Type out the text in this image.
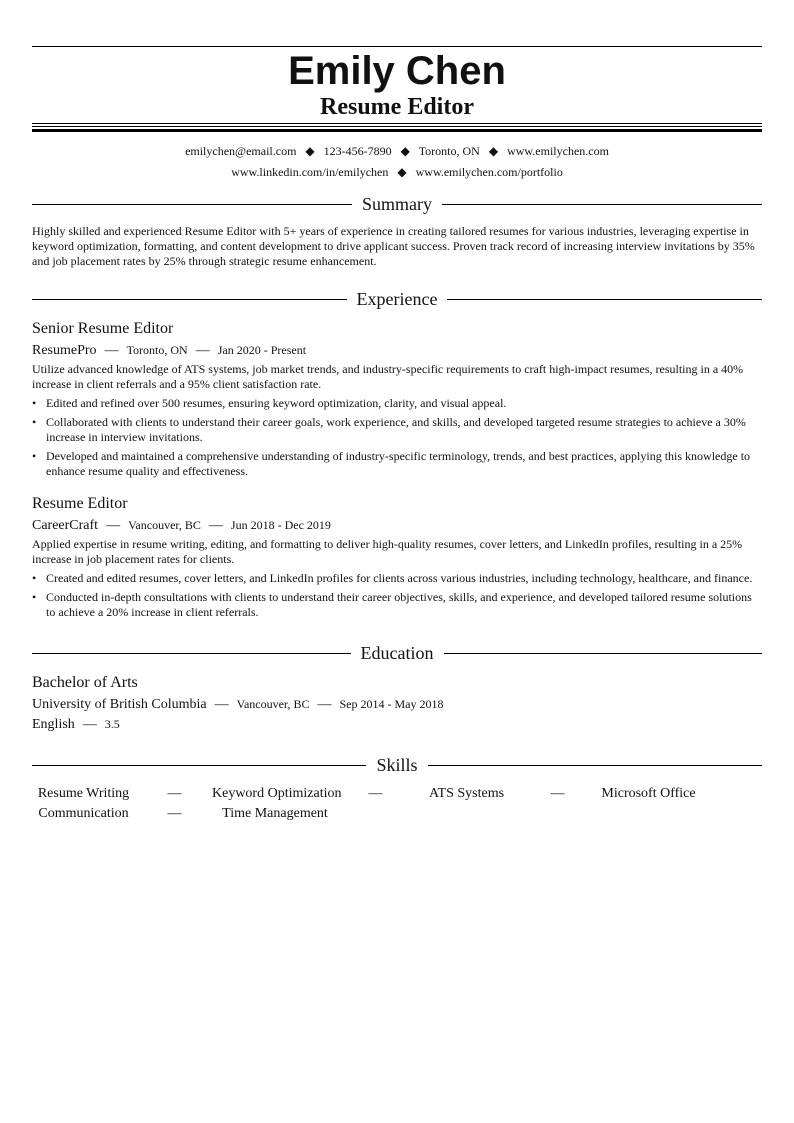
Emily Chen
Resume Editor
emilychen@email.com ◆ 123-456-7890 ◆ Toronto, ON ◆ www.emilychen.com
www.linkedin.com/in/emilychen ◆ www.emilychen.com/portfolio
Summary
Highly skilled and experienced Resume Editor with 5+ years of experience in creating tailored resumes for various industries, leveraging expertise in keyword optimization, formatting, and content development to drive applicant success. Proven track record of increasing interview invitations by 35% and job placement rates by 25% through strategic resume enhancement.
Experience
Senior Resume Editor
ResumePro — Toronto, ON — Jan 2020 - Present
Utilize advanced knowledge of ATS systems, job market trends, and industry-specific requirements to craft high-impact resumes, resulting in a 40% increase in client referrals and a 95% client satisfaction rate.
• Edited and refined over 500 resumes, ensuring keyword optimization, clarity, and visual appeal.
• Collaborated with clients to understand their career goals, work experience, and skills, and developed targeted resume strategies to achieve a 30% increase in interview invitations.
• Developed and maintained a comprehensive understanding of industry-specific terminology, trends, and best practices, applying this knowledge to enhance resume quality and effectiveness.
Resume Editor
CareerCraft — Vancouver, BC — Jun 2018 - Dec 2019
Applied expertise in resume writing, editing, and formatting to deliver high-quality resumes, cover letters, and LinkedIn profiles, resulting in a 25% increase in job placement rates for clients.
• Created and edited resumes, cover letters, and LinkedIn profiles for clients across various industries, including technology, healthcare, and finance.
• Conducted in-depth consultations with clients to understand their career objectives, skills, and experience, and developed tailored resume solutions to achieve a 20% increase in client referrals.
Education
Bachelor of Arts
University of British Columbia — Vancouver, BC — Sep 2014 - May 2018
English — 3.5
Skills
Resume Writing	—	Keyword Optimization	—	ATS Systems	—	Microsoft Office
Communication	—	Time Management
